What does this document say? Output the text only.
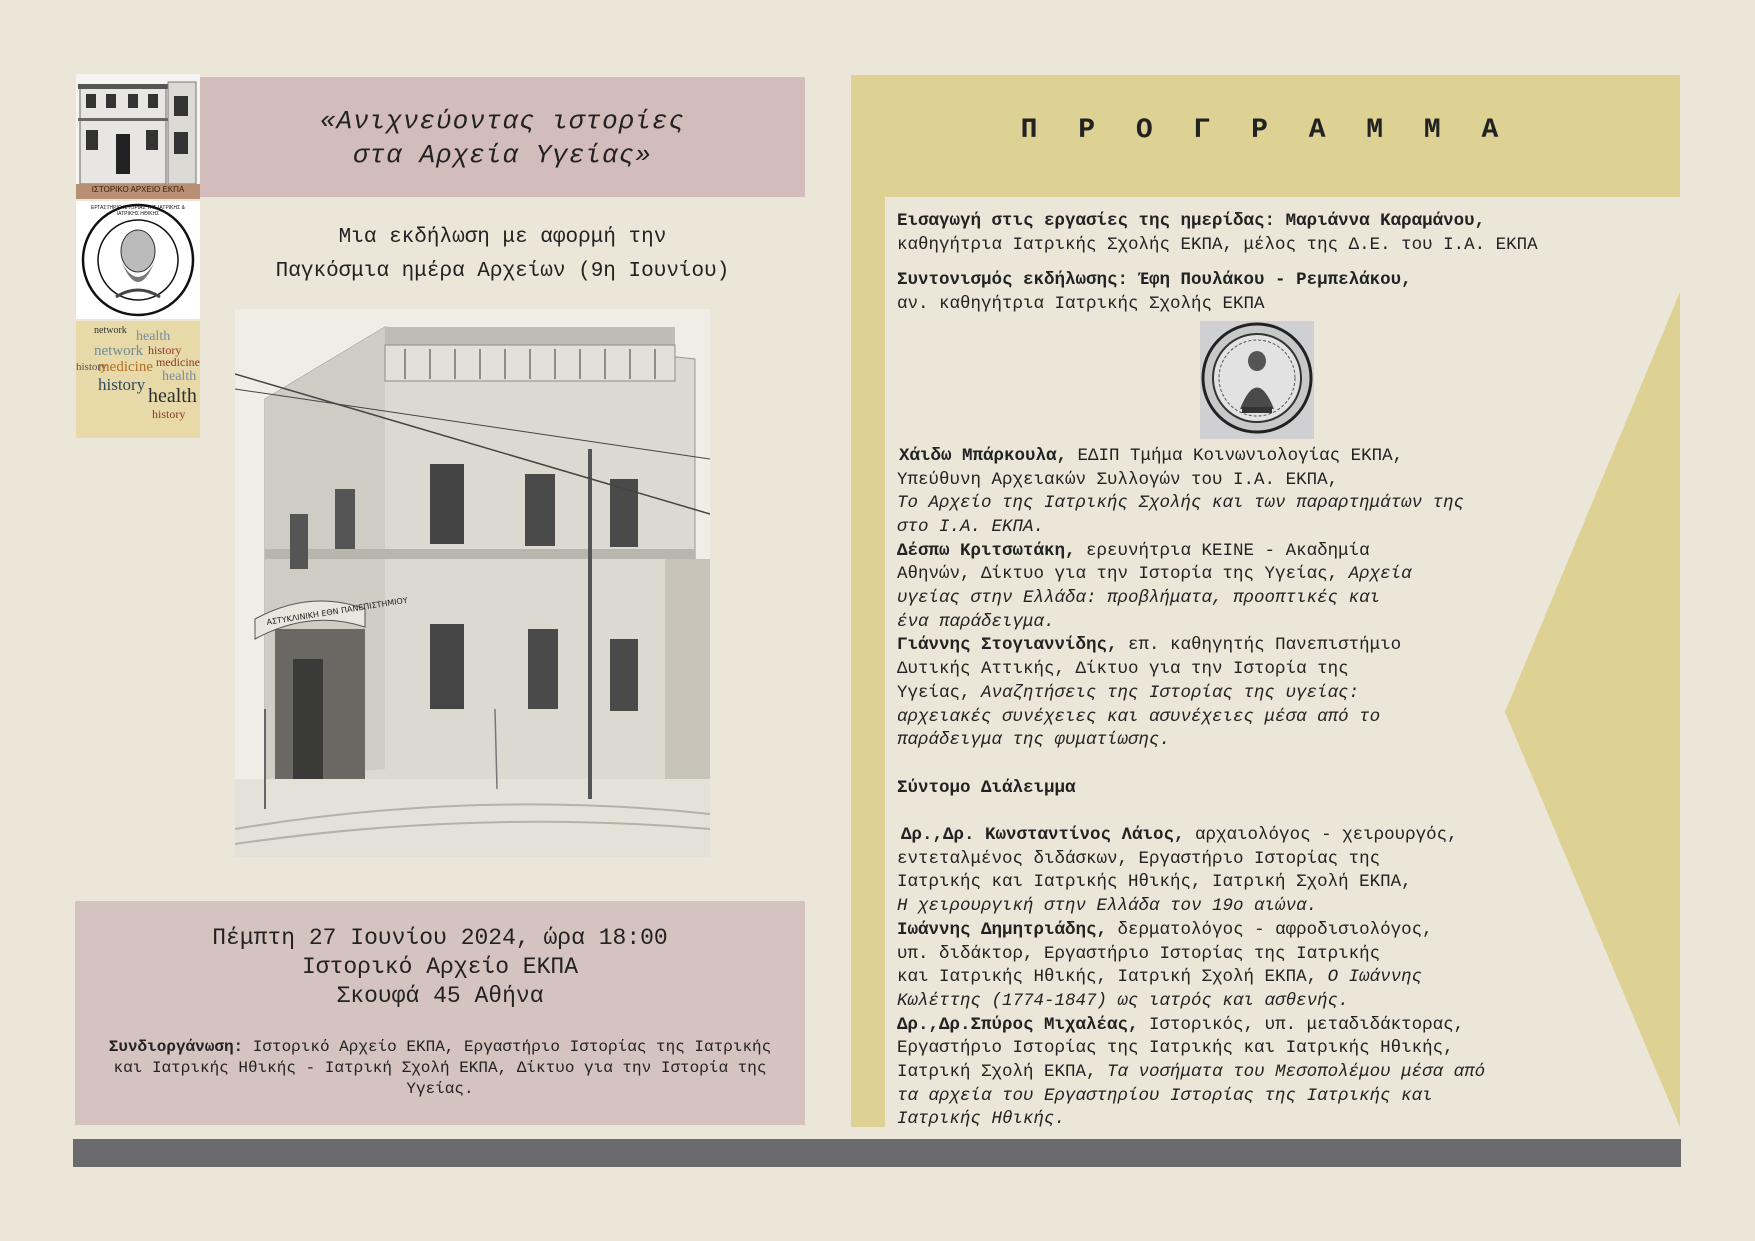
ΙΣΤΟΡΙΚΟ ΑΡΧΕΙΟ ΕΚΠΑ
ΕΡΓΑΣΤΗΡΙΟ ΙΣΤΟΡΙΑΣ ΤΗΣ ΙΑΤΡΙΚΗΣ & ΙΑΤΡΙΚΗΣ ΗΘΙΚΗΣ
network health
history
medicine
network
history
medicine
health
history
health
history
«Ανιχνεύοντας ιστορίες
στα Αρχεία Υγείας»
Μια εκδήλωση με αφορμή την
Παγκόσμια ημέρα Αρχείων (9η Ιουνίου)
ΑΣΤΥΚΛΙΝΙΚΗ ΕΘΝ ΠΑΝΕΠΙΣΤΗΜΙΟΥ
Πέμπτη 27 Ιουνίου 2024, ώρα 18:00
Ιστορικό Αρχείο ΕΚΠΑ
Σκουφά 45 Αθήνα
Συνδιοργάνωση: Ιστορικό Αρχείο ΕΚΠΑ, Εργαστήριο Ιστορίας της Ιατρικής και Ιατρικής Ηθικής - Ιατρική Σχολή ΕΚΠΑ, Δίκτυο για την Ιστορία της Υγείας.
Π Ρ Ο Γ Ρ Α Μ Μ Α

Εισαγωγή στις εργασίες της ημερίδας: Μαριάννα Καραμάνου,

καθηγήτρια Ιατρικής Σχολής ΕΚΠΑ, μέλος της Δ.Ε. του Ι.Α. ΕΚΠΑ

Συντονισμός εκδήλωσης: Έφη Πουλάκου - Ρεμπελάκου,

αν. καθηγήτρια Ιατρικής Σχολής ΕΚΠΑ

Χάιδω Μπάρκουλα, ΕΔΙΠ Τμήμα Κοινωνιολογίας ΕΚΠΑ,

Υπεύθυνη Αρχειακών Συλλογών του Ι.Α. ΕΚΠΑ,

Το Αρχείο της Ιατρικής Σχολής και των παραρτημάτων της

στο Ι.Α. ΕΚΠΑ.

Δέσπω Κριτσωτάκη, ερευνήτρια ΚΕΙΝΕ - Ακαδημία

Αθηνών, Δίκτυο για την Ιστορία της Υγείας, Αρχεία

υγείας στην Ελλάδα: προβλήματα, προοπτικές και

ένα παράδειγμα.

Γιάννης Στογιαννίδης, επ. καθηγητής Πανεπιστήμιο

Δυτικής Αττικής, Δίκτυο για την Ιστορία της

Υγείας, Αναζητήσεις της Ιστορίας της υγείας:

αρχειακές συνέχειες και ασυνέχειες μέσα από το

παράδειγμα της φυματίωσης.

Σύντομο Διάλειμμα

Δρ.,Δρ. Κωνσταντίνος Λάιος, αρχαιολόγος - χειρουργός,

εντεταλμένος διδάσκων, Εργαστήριο Ιστορίας της

Ιατρικής και Ιατρικής Ηθικής, Ιατρική Σχολή ΕΚΠΑ,

Η χειρουργική στην Ελλάδα τον 19ο αιώνα.

Ιωάννης Δημητριάδης, δερματολόγος - αφροδισιολόγος,

υπ. διδάκτορ, Εργαστήριο Ιστορίας της Ιατρικής

και Ιατρικής Ηθικής, Ιατρική Σχολή ΕΚΠΑ, Ο Ιωάννης

Κωλέττης (1774-1847) ως ιατρός και ασθενής.

Δρ.,Δρ.Σπύρος Μιχαλέας, Ιστορικός, υπ. μεταδιδάκτορας,

Εργαστήριο Ιστορίας της Ιατρικής και Ιατρικής Ηθικής,

Ιατρική Σχολή ΕΚΠΑ, Τα νοσήματα του Μεσοπολέμου μέσα από

τα αρχεία του Εργαστηρίου Ιστορίας της Ιατρικής και

Ιατρικής Ηθικής.
